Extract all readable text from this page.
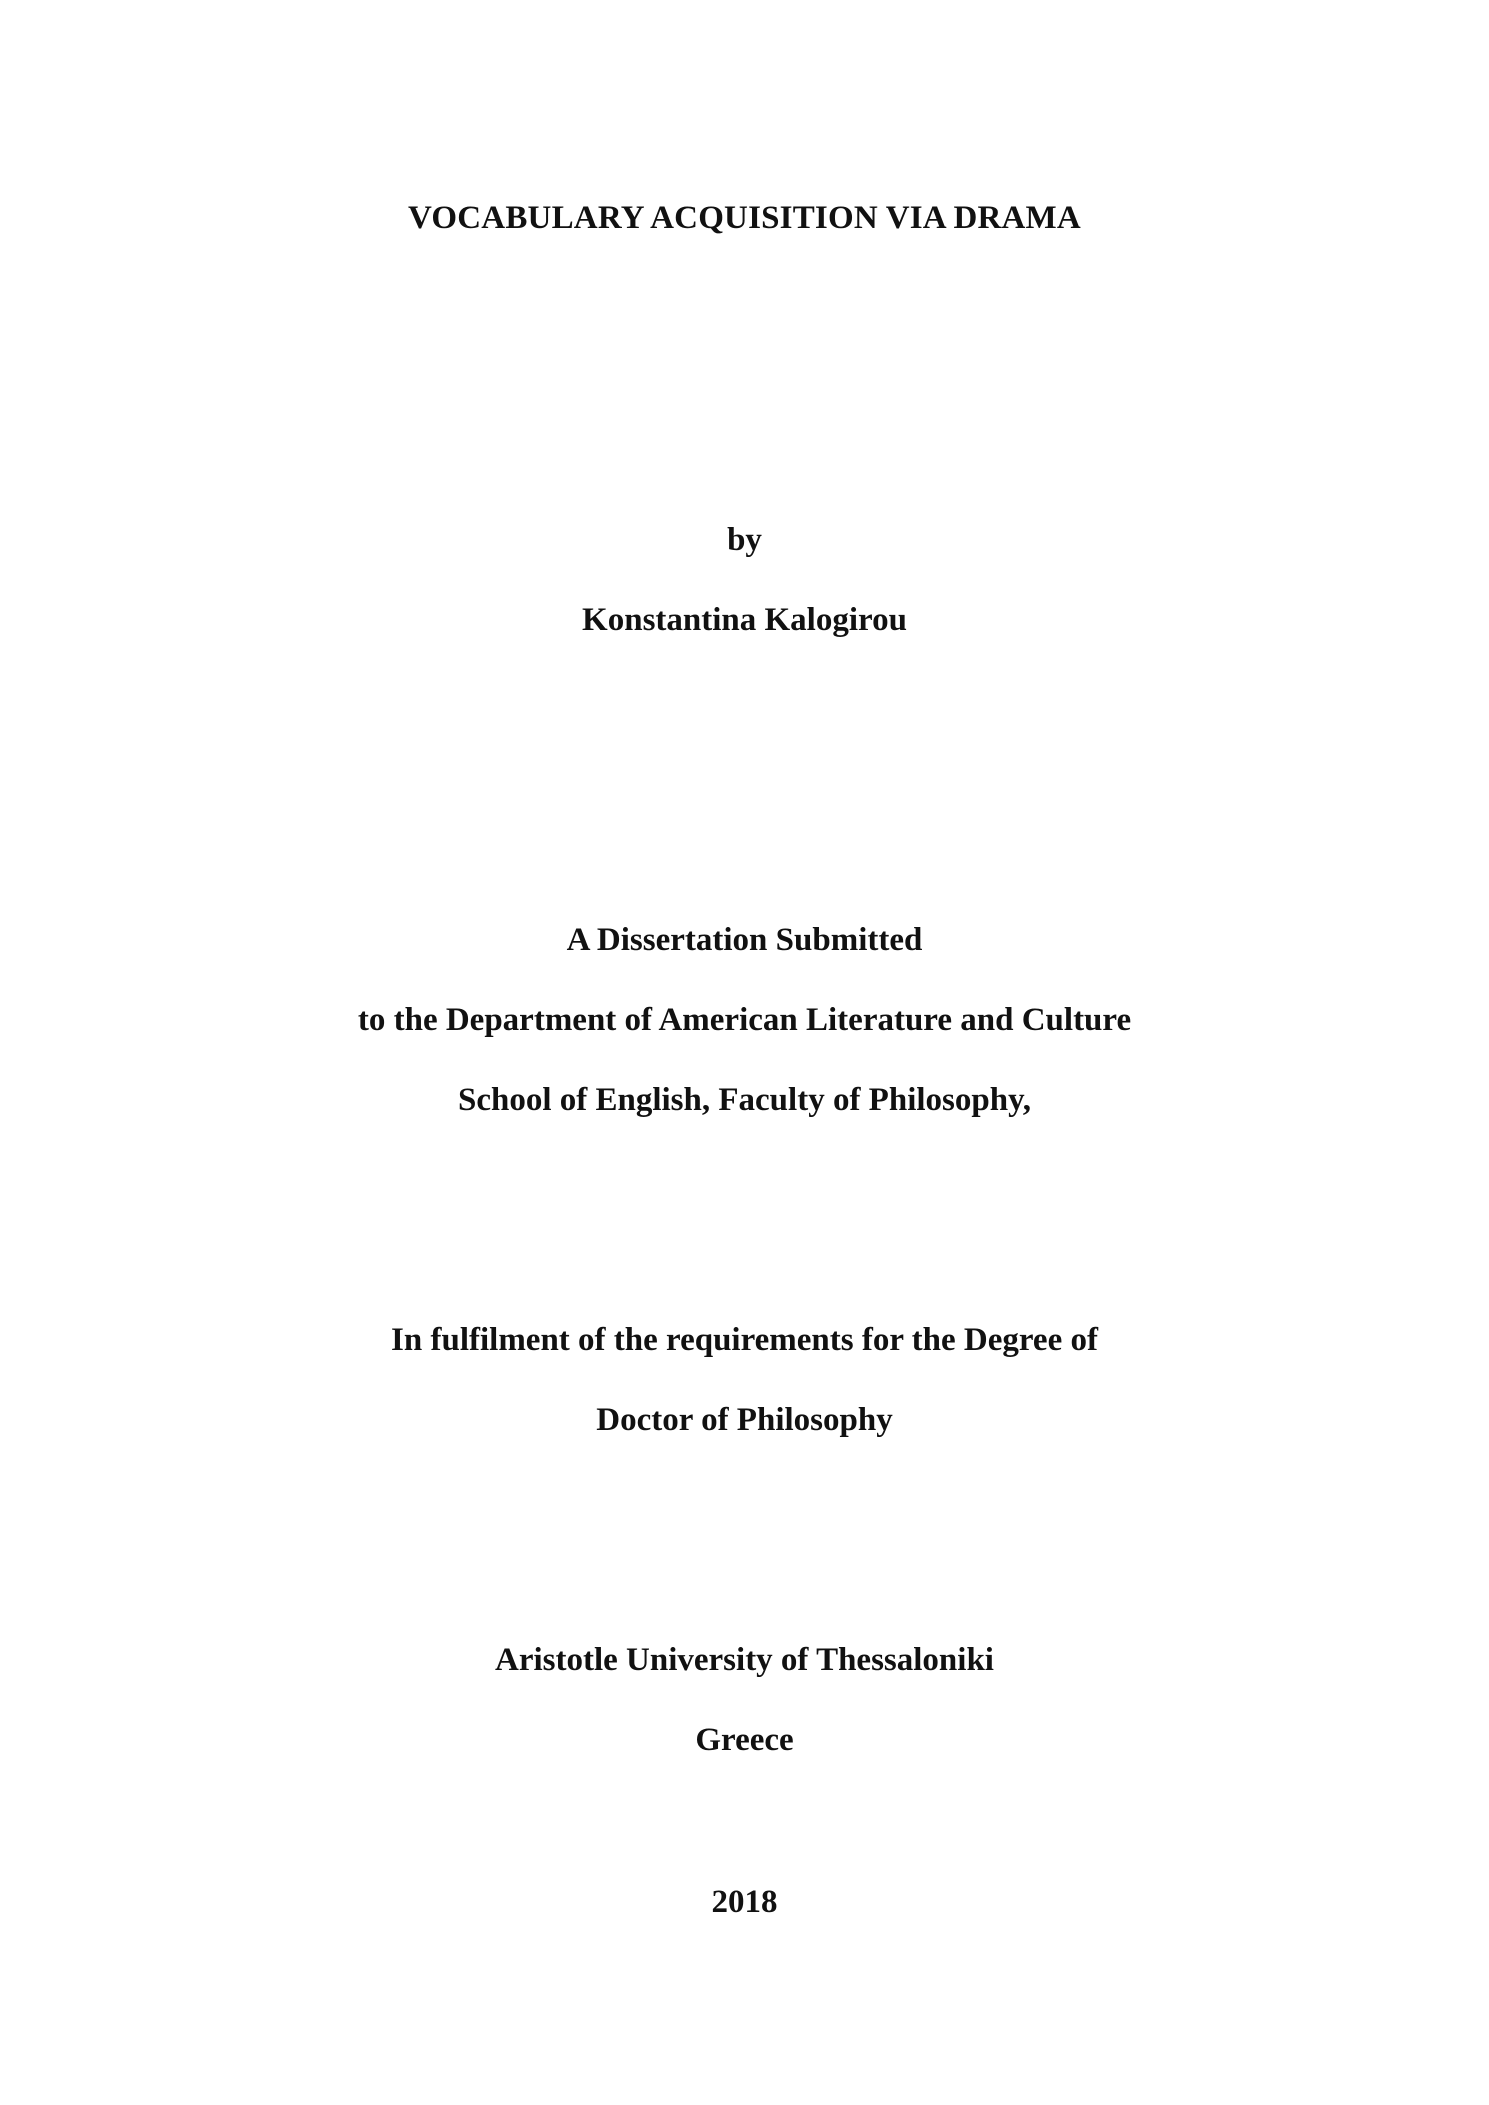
VOCABULARY ACQUISITION VIA DRAMA
by
Konstantina Kalogirou
A Dissertation Submitted
to the Department of American Literature and Culture
School of English, Faculty of Philosophy,
In fulfilment of the requirements for the Degree of
Doctor of Philosophy
Aristotle University of Thessaloniki
Greece
2018
